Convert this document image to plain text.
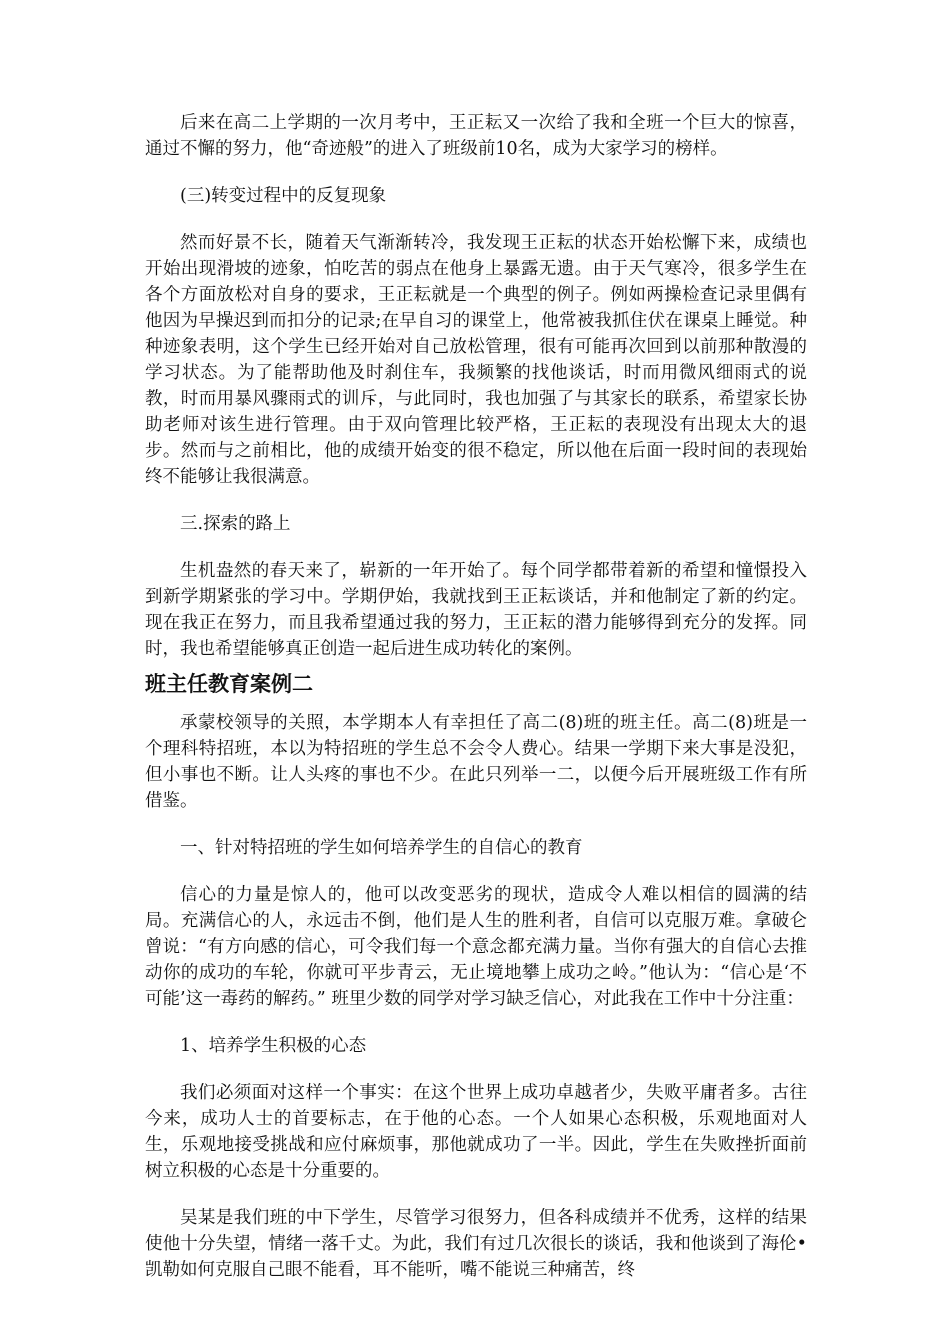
后来在高二上学期的一次月考中，王正耘又一次给了我和全班一个巨大的惊喜，通过不懈的努力，他“奇迹般”的进入了班级前10名，成为大家学习的榜样。

(三)转变过程中的反复现象

然而好景不长，随着天气渐渐转冷，我发现王正耘的状态开始松懈下来，成绩也开始出现滑坡的迹象，怕吃苦的弱点在他身上暴露无遗。由于天气寒冷，很多学生在各个方面放松对自身的要求，王正耘就是一个典型的例子。例如两操检查记录里偶有他因为早操迟到而扣分的记录;在早自习的课堂上，他常被我抓住伏在课桌上睡觉。种种迹象表明，这个学生已经开始对自己放松管理，很有可能再次回到以前那种散漫的学习状态。为了能帮助他及时刹住车，我频繁的找他谈话，时而用微风细雨式的说教，时而用暴风骤雨式的训斥，与此同时，我也加强了与其家长的联系，希望家长协助老师对该生进行管理。由于双向管理比较严格，王正耘的表现没有出现太大的退步。然而与之前相比，他的成绩开始变的很不稳定，所以他在后面一段时间的表现始终不能够让我很满意。

三.探索的路上

生机盎然的春天来了，崭新的一年开始了。每个同学都带着新的希望和憧憬投入到新学期紧张的学习中。学期伊始，我就找到王正耘谈话，并和他制定了新的约定。现在我正在努力，而且我希望通过我的努力，王正耘的潜力能够得到充分的发挥。同时，我也希望能够真正创造一起后进生成功转化的案例。

班主任教育案例二

承蒙校领导的关照，本学期本人有幸担任了高二(8)班的班主任。高二(8)班是一个理科特招班，本以为特招班的学生总不会令人费心。结果一学期下来大事是没犯，但小事也不断。让人头疼的事也不少。在此只列举一二，以便今后开展班级工作有所借鉴。

一、针对特招班的学生如何培养学生的自信心的教育

信心的力量是惊人的，他可以改变恶劣的现状，造成令人难以相信的圆满的结局。充满信心的人，永远击不倒，他们是人生的胜利者，自信可以克服万难。拿破仑曾说：“有方向感的信心，可令我们每一个意念都充满力量。当你有强大的自信心去推动你的成功的车轮，你就可平步青云，无止境地攀上成功之岭。”他认为：“信心是‘不可能’这一毒药的解药。” 班里少数的同学对学习缺乏信心，对此我在工作中十分注重：

1、培养学生积极的心态

我们必须面对这样一个事实：在这个世界上成功卓越者少，失败平庸者多。古往今来，成功人士的首要标志，在于他的心态。一个人如果心态积极，乐观地面对人生，乐观地接受挑战和应付麻烦事，那他就成功了一半。因此，学生在失败挫折面前树立积极的心态是十分重要的。

吴某是我们班的中下学生，尽管学习很努力，但各科成绩并不优秀，这样的结果使他十分失望，情绪一落千丈。为此，我们有过几次很长的谈话，我和他谈到了海伦•凯勒如何克服自己眼不能看，耳不能听，嘴不能说三种痛苦，终
